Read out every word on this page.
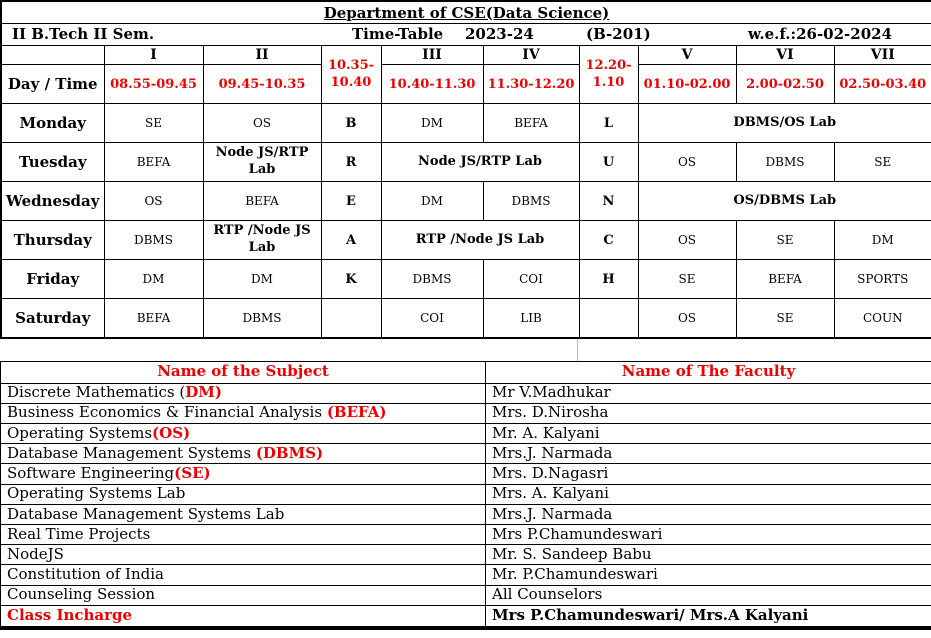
Department of CSE(Data Science)									

II B.Tech II Sem. Time-Table 2023-24 (B-201) w.e.f.:26-02-2024									

	I	II	10.35-10.40	III	IV	12.20-1.10	V	VI	VII
Day / Time	08.55-09.45	09.45-10.35		10.40-11.30	11.30-12.20		01.10-02.00	2.00-02.50	02.50-03.40
Monday	SE	OS	B	DM	BEFA	L	DBMS/OS Lab		
Tuesday	BEFA	Node JS/RTP Lab	R	Node JS/RTP Lab		U	OS	DBMS	SE
Wednesday	OS	BEFA	E	DM	DBMS	N	OS/DBMS Lab		
Thursday	DBMS	RTP /Node JS Lab	A	RTP /Node JS Lab		C	OS	SE	DM
Friday	DM	DM	K	DBMS	COI	H	SE	BEFA	SPORTS
Saturday	BEFA	DBMS		COI	LIB		OS	SE	COUN
Name of the Subject	Name of The Faculty
Discrete Mathematics (DM)	Mr V.Madhukar
Business Economics & Financial Analysis (BEFA)	Mrs. D.Nirosha
Operating Systems(OS)	Mr. A. Kalyani
Database Management Systems (DBMS)	Mrs.J. Narmada
Software Engineering(SE)	Mrs. D.Nagasri
Operating Systems Lab	Mrs. A. Kalyani
Database Management Systems Lab	Mrs.J. Narmada
Real Time Projects	Mrs P.Chamundeswari
NodeJS	Mr. S. Sandeep Babu
Constitution of India	Mr. P.Chamundeswari
Counseling Session	All Counselors
Class Incharge	Mrs P.Chamundeswari/ Mrs.A Kalyani
